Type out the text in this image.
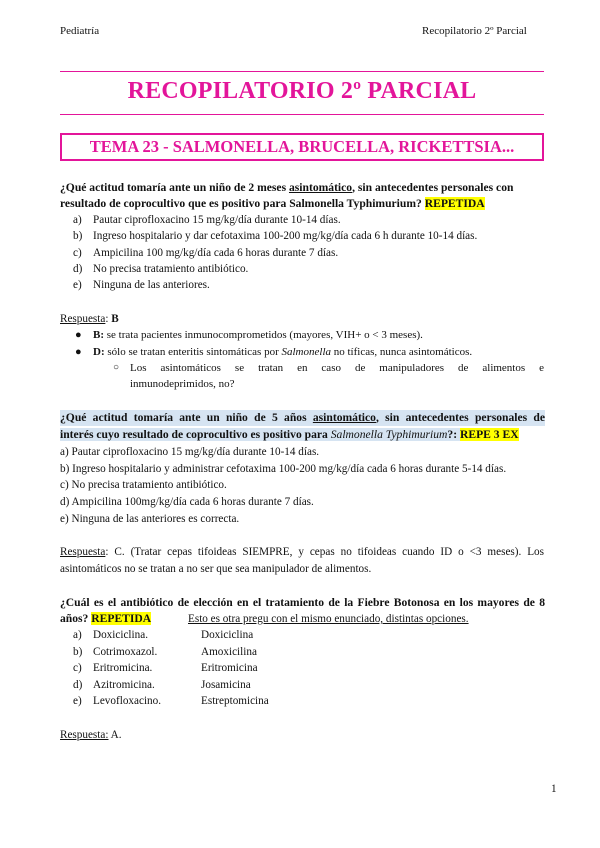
Pediatría	Recopilatorio 2º Parcial
RECOPILATORIO 2º PARCIAL
TEMA 23 - SALMONELLA, BRUCELLA, RICKETTSIA...
¿Qué actitud tomaría ante un niño de 2 meses asintomático, sin antecedentes personales con
resultado de coprocultivo que es positivo para Salmonella Typhimurium? REPETIDA
a) Pautar ciprofloxacino 15 mg/kg/día durante 10-14 días.
b) Ingreso hospitalario y dar cefotaxima 100-200 mg/kg/día cada 6 h durante 10-14 días.
c) Ampicilina 100 mg/kg/día cada 6 horas durante 7 días.
d) No precisa tratamiento antibiótico.
e) Ninguna de las anteriores.
Respuesta: B
● B: se trata pacientes inmunocomprometidos (mayores, VIH+ o < 3 meses).
● D: sólo se tratan enteritis sintomáticas por Salmonella no tíficas, nunca asintomáticos.
○ Los asintomáticos se tratan en caso de manipuladores de alimentos e
inmunodeprimidos, no?
¿Qué actitud tomaría ante un niño de 5 años asintomático, sin antecedentes personales de
interés cuyo resultado de coprocultivo es positivo para Salmonella Typhimurium?: REPE 3 EX
a) Pautar ciprofloxacino 15 mg/kg/día durante 10-14 días.
b) Ingreso hospitalario y administrar cefotaxima 100-200 mg/kg/día cada 6 horas durante 5-14 días.
c) No precisa tratamiento antibiótico.
d) Ampicilina 100mg/kg/día cada 6 horas durante 7 días.
e) Ninguna de las anteriores es correcta.
Respuesta: C. (Tratar cepas tifoideas SIEMPRE, y cepas no tifoideas cuando ID o <3 meses). Los
asintomáticos no se tratan a no ser que sea manipulador de alimentos.
¿Cuál es el antibiótico de elección en el tratamiento de la Fiebre Botonosa en los mayores de 8
años? REPETIDA	Esto es otra pregu con el mismo enunciado, distintas opciones.
a) Doxiciclina.	Doxiciclina
b) Cotrimoxazol.	Amoxicilina
c) Eritromicina.	Eritromicina
d) Azitromicina.	Josamicina
e) Levofloxacino.	Estreptomicina
Respuesta: A.
1
